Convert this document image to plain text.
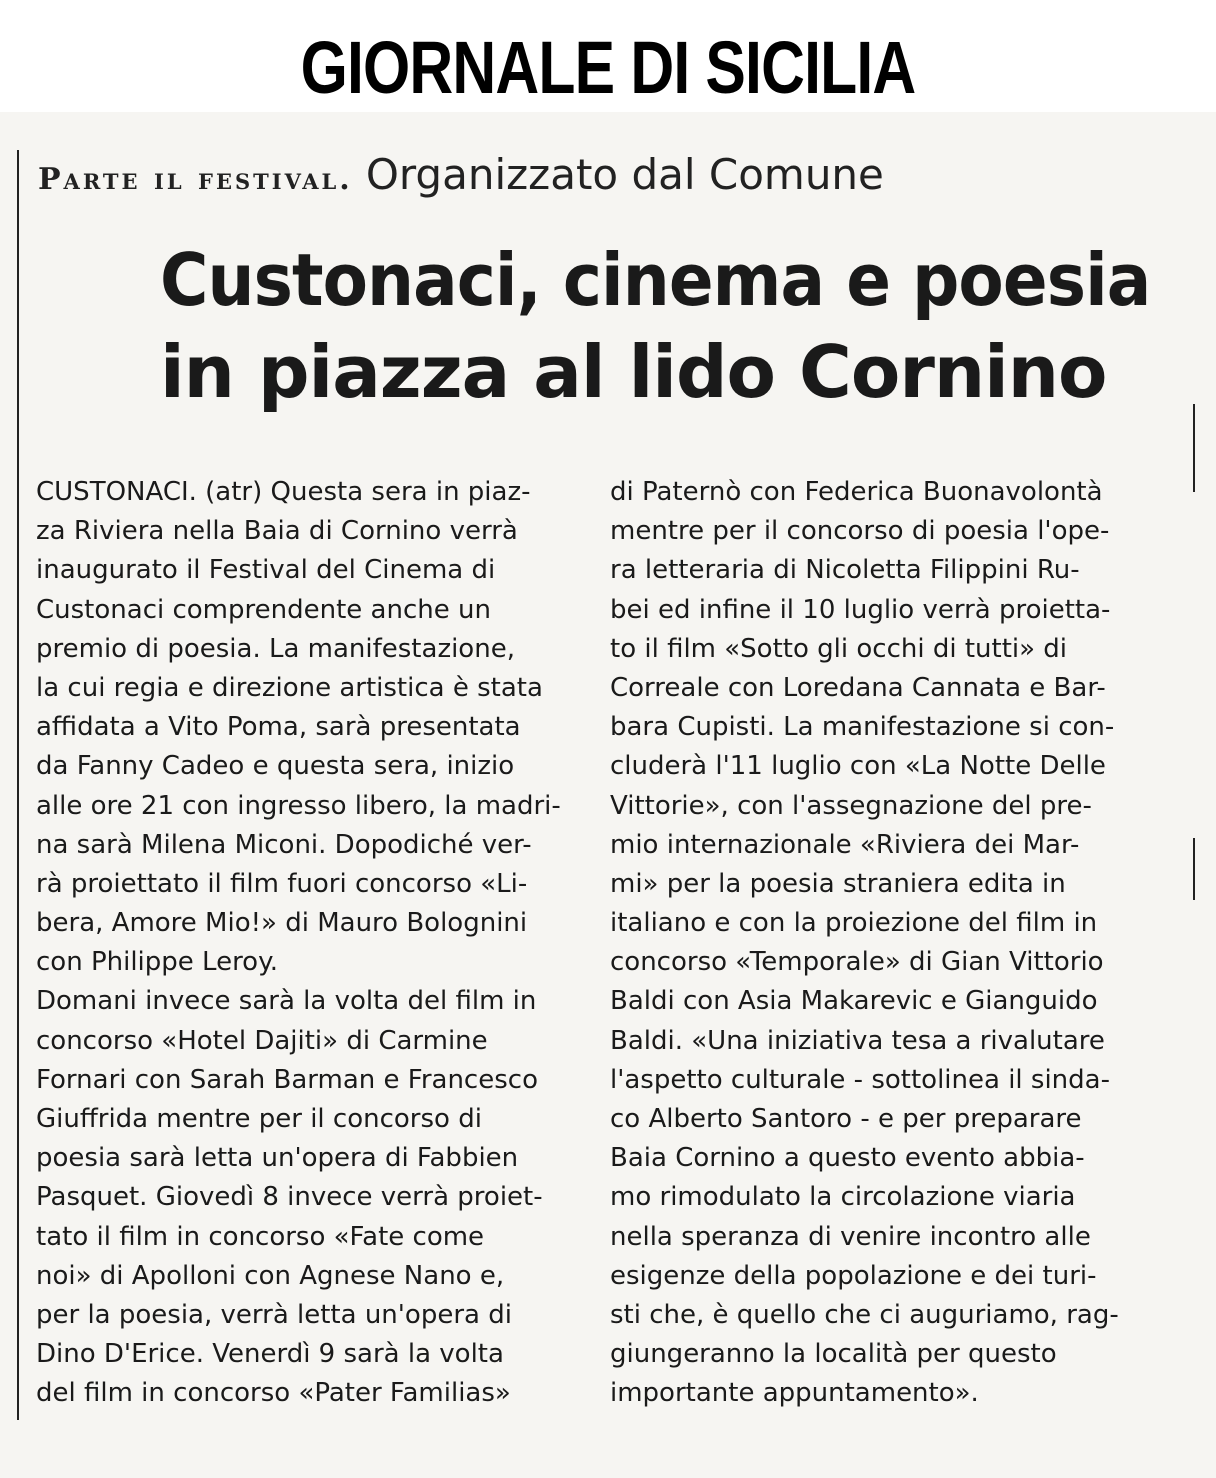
GIORNALE DI SICILIA
Parte il festival. Organizzato dal Comune
Custonaci, cinema e poesia
in piazza al lido Cornino
CUSTONACI. (atr) Questa sera in piaz-
za Riviera nella Baia di Cornino verrà
inaugurato il Festival del Cinema di
Custonaci comprendente anche un
premio di poesia. La manifestazione,
la cui regia e direzione artistica è stata
affidata a Vito Poma, sarà presentata
da Fanny Cadeo e questa sera, inizio
alle ore 21 con ingresso libero, la madri-
na sarà Milena Miconi. Dopodiché ver-
rà proiettato il film fuori concorso «Li-
bera, Amore Mio!» di Mauro Bolognini
con Philippe Leroy.
Domani invece sarà la volta del film in
concorso «Hotel Dajiti» di Carmine
Fornari con Sarah Barman e Francesco
Giuffrida mentre per il concorso di
poesia sarà letta un'opera di Fabbien
Pasquet. Giovedì 8 invece verrà proiet-
tato il film in concorso «Fate come
noi» di Apolloni con Agnese Nano e,
per la poesia, verrà letta un'opera di
Dino D'Erice. Venerdì 9 sarà la volta
del film in concorso «Pater Familias»
di Paternò con Federica Buonavolontà
mentre per il concorso di poesia l'ope-
ra letteraria di Nicoletta Filippini Ru-
bei ed infine il 10 luglio verrà proietta-
to il film «Sotto gli occhi di tutti» di
Correale con Loredana Cannata e Bar-
bara Cupisti. La manifestazione si con-
cluderà l'11 luglio con «La Notte Delle
Vittorie», con l'assegnazione del pre-
mio internazionale «Riviera dei Mar-
mi» per la poesia straniera edita in
italiano e con la proiezione del film in
concorso «Temporale» di Gian Vittorio
Baldi con Asia Makarevic e Gianguido
Baldi. «Una iniziativa tesa a rivalutare
l'aspetto culturale - sottolinea il sinda-
co Alberto Santoro - e per preparare
Baia Cornino a questo evento abbia-
mo rimodulato la circolazione viaria
nella speranza di venire incontro alle
esigenze della popolazione e dei turi-
sti che, è quello che ci auguriamo, rag-
giungeranno la località per questo
importante appuntamento».
